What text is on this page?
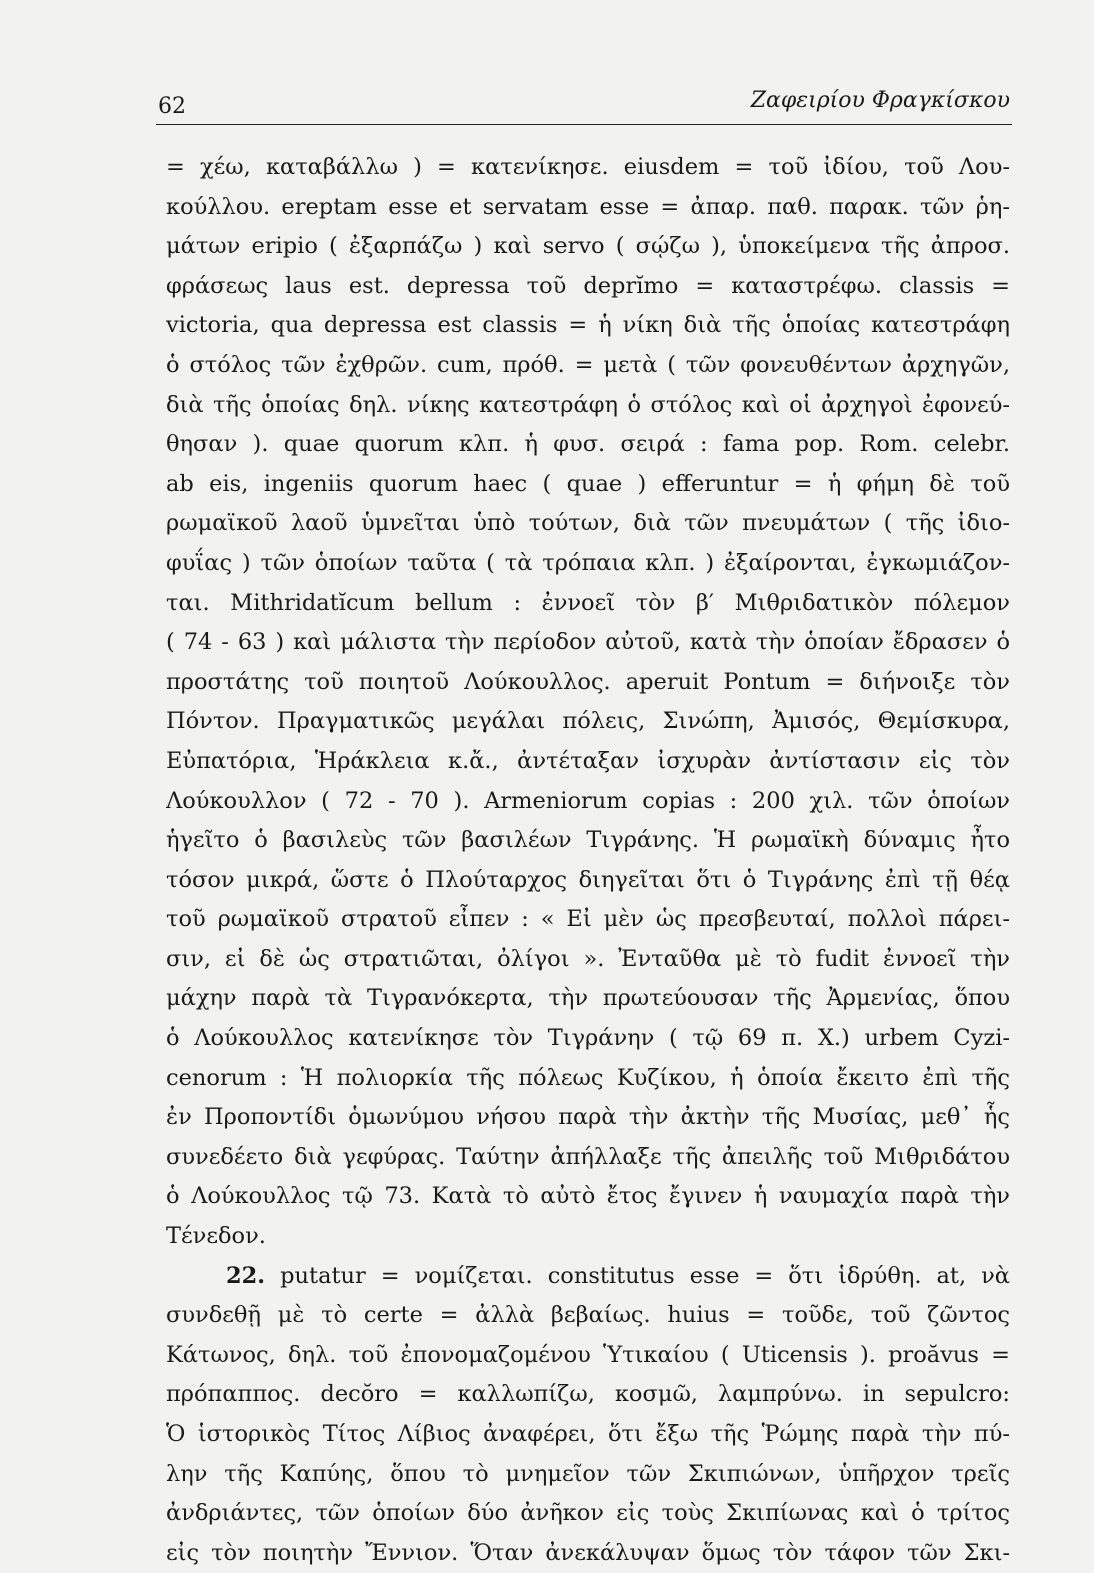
62	Ζαφειρίου Φραγκίσκου
= χέω, καταβάλλω ) = κατενίκησε. eiusdem = τοῦ ἰδίου, τοῦ Λου-
κούλλου. ereptam esse et servatam esse = ἀπαρ. παθ. παρακ. τῶν ῥη-
μάτων eripio ( ἐξαρπάζω ) καὶ servo ( σῴζω ), ὑποκείμενα τῆς ἀπροσ.
φράσεως laus est. depressa τοῦ deprĭmo = καταστρέφω. classis =
victoria, qua depressa est classis = ἡ νίκη διὰ τῆς ὁποίας κατεστράφη
ὁ στόλος τῶν ἐχθρῶν. cum, πρόθ. = μετὰ ( τῶν φονευθέντων ἀρχηγῶν,
διὰ τῆς ὁποίας δηλ. νίκης κατεστράφη ὁ στόλος καὶ οἱ ἀρχηγοὶ ἐφονεύ-
θησαν ). quae quorum κλπ. ἡ φυσ. σειρά : fama pop. Rom. celebr.
ab eis, ingeniis quorum haec ( quae ) efferuntur = ἡ φήμη δὲ τοῦ
ρωμαϊκοῦ λαοῦ ὑμνεῖται ὑπὸ τούτων, διὰ τῶν πνευμάτων ( τῆς ἰδιο-
φυΐας ) τῶν ὁποίων ταῦτα ( τὰ τρόπαια κλπ. ) ἐξαίρονται, ἐγκωμιάζον-
ται. Mithridatĭcum bellum : ἐννοεῖ τὸν β′ Μιθριδατικὸν πόλεμον
( 74 - 63 ) καὶ μάλιστα τὴν περίοδον αὐτοῦ, κατὰ τὴν ὁποίαν ἔδρασεν ὁ
προστάτης τοῦ ποιητοῦ Λούκουλλος. aperuit Pontum = διήνοιξε τὸν
Πόντον. Πραγματικῶς μεγάλαι πόλεις, Σινώπη, Ἀμισός, Θεμίσκυρα,
Εὐπατόρια, Ἡράκλεια κ.ἄ., ἀντέταξαν ἰσχυρὰν ἀντίστασιν εἰς τὸν
Λούκουλλον ( 72 - 70 ). Armeniorum copias : 200 χιλ. τῶν ὁποίων
ἡγεῖτο ὁ βασιλεὺς τῶν βασιλέων Τιγράνης. Ἡ ρωμαϊκὴ δύναμις ἦτο
τόσον μικρά, ὥστε ὁ Πλούταρχος διηγεῖται ὅτι ὁ Τιγράνης ἐπὶ τῇ θέᾳ
τοῦ ρωμαϊκοῦ στρατοῦ εἶπεν : « Εἰ μὲν ὡς πρεσβευταί, πολλοὶ πάρει-
σιν, εἰ δὲ ὡς στρατιῶται, ὀλίγοι ». Ἐνταῦθα μὲ τὸ fudit ἐννοεῖ τὴν
μάχην παρὰ τὰ Τιγρανόκερτα, τὴν πρωτεύουσαν τῆς Ἀρμενίας, ὅπου
ὁ Λούκουλλος κατενίκησε τὸν Τιγράνην ( τῷ 69 π. Χ.) urbem Cyzi-
cenorum : Ἡ πολιορκία τῆς πόλεως Κυζίκου, ἡ ὁποία ἔκειτο ἐπὶ τῆς
ἐν Προποντίδι ὁμωνύμου νήσου παρὰ τὴν ἀκτὴν τῆς Μυσίας, μεθ᾽ ἧς
συνεδέετο διὰ γεφύρας. Ταύτην ἀπήλλαξε τῆς ἀπειλῆς τοῦ Μιθριδάτου
ὁ Λούκουλλος τῷ 73. Κατὰ τὸ αὐτὸ ἔτος ἔγινεν ἡ ναυμαχία παρὰ τὴν
Τένεδον.
22. putatur = νομίζεται. constitutus esse = ὅτι ἱδρύθη. at, νὰ
συνδεθῇ μὲ τὸ certe = ἀλλὰ βεβαίως. huius = τοῦδε, τοῦ ζῶντος
Κάτωνος, δηλ. τοῦ ἐπονομαζομένου Ὑτικαίου ( Uticensis ). proăvus =
πρόπαππος. decŏro = καλλωπίζω, κοσμῶ, λαμπρύνω. in sepulcro:
Ὁ ἱστορικὸς Τίτος Λίβιος ἀναφέρει, ὅτι ἔξω τῆς Ῥώμης παρὰ τὴν πύ-
λην τῆς Καπύης, ὅπου τὸ μνημεῖον τῶν Σκιπιώνων, ὑπῆρχον τρεῖς
ἀνδριάντες, τῶν ὁποίων δύο ἀνῆκον εἰς τοὺς Σκιπίωνας καὶ ὁ τρίτος
εἰς τὸν ποιητὴν Ἔννιον. Ὅταν ἀνεκάλυψαν ὅμως τὸν τάφον τῶν Σκι-
